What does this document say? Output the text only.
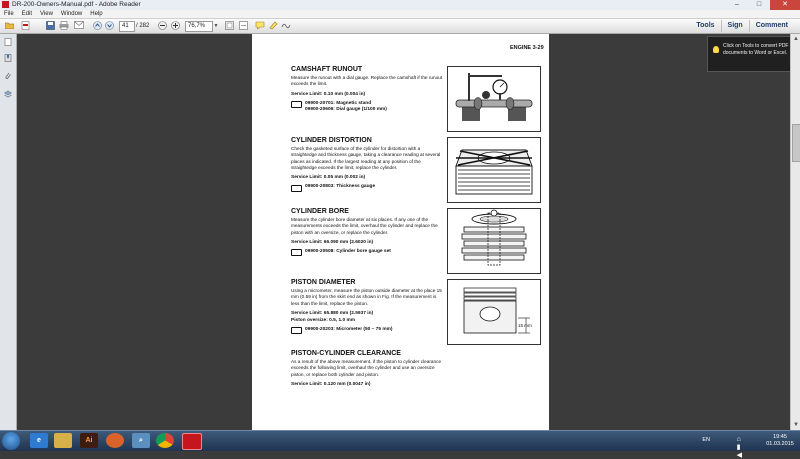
DR-200-Owners-Manual.pdf - Adobe Reader	–	□	✕
File	Edit	View	Window	Help
41	/ 282	76,7%	▼	Tools	Sign	Comment
ENGINE 3-29
CAMSHAFT RUNOUT
Measure the runout with a dial gauge. Replace the camshaft if the runout exceeds the limit.
Service Limit: 0.10 mm (0.004 in)
09900-20701: Magnetic stand
09900-20606: Dial gauge (1/100 mm)
CYLINDER DISTORTION
Check the gasketed surface of the cylinder for distortion with a straightedge and thickness gauge, taking a clearance reading at several places as indicated. If the largest reading at any position of the straightedge exceeds the limit, replace the cylinder.
Service Limit: 0.05 mm (0.002 in)
09900-20803: Thickness gauge
CYLINDER BORE
Measure the cylinder bore diameter at six places. If any one of the measurements exceeds the limit, overhaul the cylinder and replace the piston with an oversize, or replace the cylinder.
Service Limit: 66.090 mm (2.6020 in)
09900-20508: Cylinder bore gauge set
PISTON DIAMETER
Using a micrometer, measure the piston outside diameter at the place 15 mm (0.59 in) from the skirt end as shown in Fig. If the measurement is less than the limit, replace the piston.
Service Limit: 65.880 mm (2.5937 in)
Piston oversize: 0.5, 1.0 mm
09900-20203: Micrometer (50 – 75 mm)
PISTON-CYLINDER CLEARANCE
As a result of the above measurement, if the piston to cylinder clearance exceeds the following limit, overhaul the cylinder and use an oversize piston, or replace both cylinder and piston.
Service Limit: 0.120 mm (0.0047 in)
15 mm
Click on Tools to convert PDF documents to Word or Excel.
▲
▼
e	Ai	⌕	EN	⌂ ▮ ◀
19:45
01.03.2015
